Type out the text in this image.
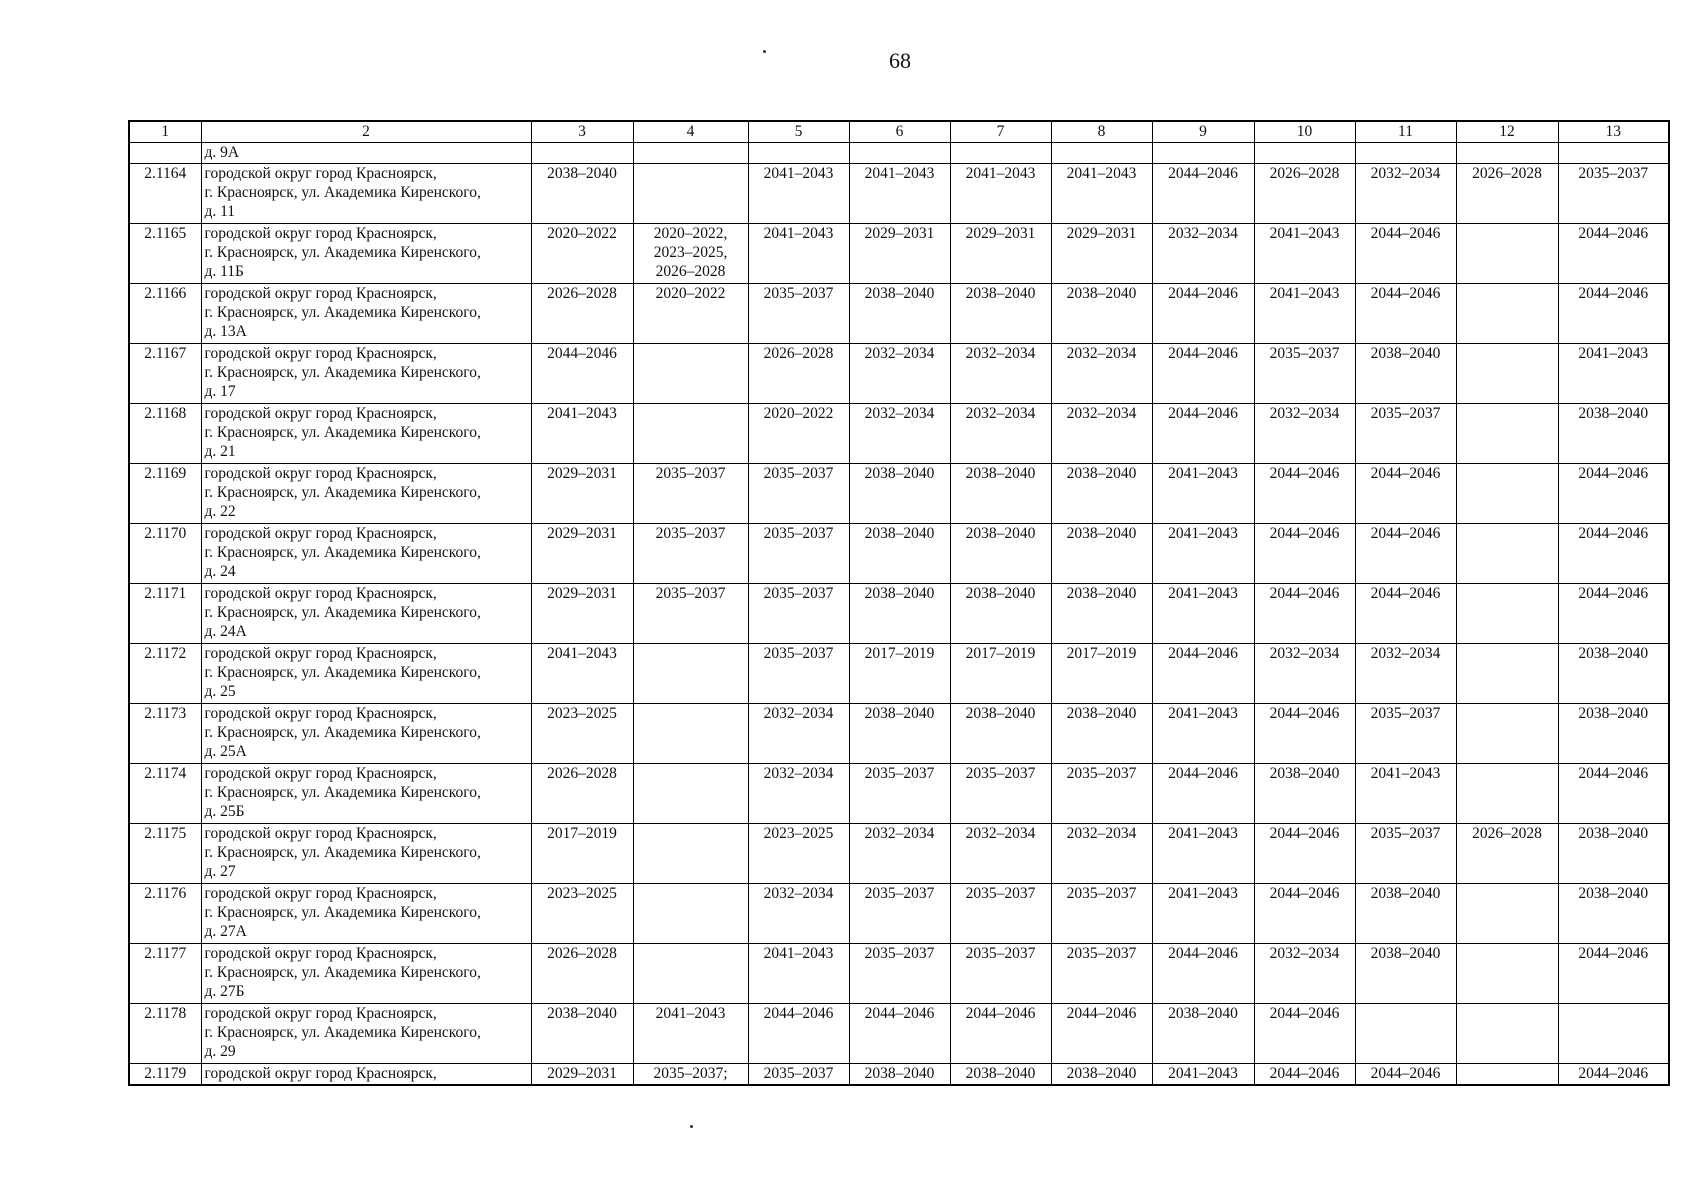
68
1	2	3	4	5	6	7	8	9	10	11	12	13
	д. 9А											
2.1164	городской округ город Красноярск,
г. Красноярск, ул. Академика Киренского,
д. 11	2038–2040		2041–2043	2041–2043	2041–2043	2041–2043	2044–2046	2026–2028	2032–2034	2026–2028	2035–2037
2.1165	городской округ город Красноярск,
г. Красноярск, ул. Академика Киренского,
д. 11Б	2020–2022	2020–2022,
2023–2025,
2026–2028	2041–2043	2029–2031	2029–2031	2029–2031	2032–2034	2041–2043	2044–2046		2044–2046
2.1166	городской округ город Красноярск,
г. Красноярск, ул. Академика Киренского,
д. 13А	2026–2028	2020–2022	2035–2037	2038–2040	2038–2040	2038–2040	2044–2046	2041–2043	2044–2046		2044–2046
2.1167	городской округ город Красноярск,
г. Красноярск, ул. Академика Киренского,
д. 17	2044–2046		2026–2028	2032–2034	2032–2034	2032–2034	2044–2046	2035–2037	2038–2040		2041–2043
2.1168	городской округ город Красноярск,
г. Красноярск, ул. Академика Киренского,
д. 21	2041–2043		2020–2022	2032–2034	2032–2034	2032–2034	2044–2046	2032–2034	2035–2037		2038–2040
2.1169	городской округ город Красноярск,
г. Красноярск, ул. Академика Киренского,
д. 22	2029–2031	2035–2037	2035–2037	2038–2040	2038–2040	2038–2040	2041–2043	2044–2046	2044–2046		2044–2046
2.1170	городской округ город Красноярск,
г. Красноярск, ул. Академика Киренского,
д. 24	2029–2031	2035–2037	2035–2037	2038–2040	2038–2040	2038–2040	2041–2043	2044–2046	2044–2046		2044–2046
2.1171	городской округ город Красноярск,
г. Красноярск, ул. Академика Киренского,
д. 24А	2029–2031	2035–2037	2035–2037	2038–2040	2038–2040	2038–2040	2041–2043	2044–2046	2044–2046		2044–2046
2.1172	городской округ город Красноярск,
г. Красноярск, ул. Академика Киренского,
д. 25	2041–2043		2035–2037	2017–2019	2017–2019	2017–2019	2044–2046	2032–2034	2032–2034		2038–2040
2.1173	городской округ город Красноярск,
г. Красноярск, ул. Академика Киренского,
д. 25А	2023–2025		2032–2034	2038–2040	2038–2040	2038–2040	2041–2043	2044–2046	2035–2037		2038–2040
2.1174	городской округ город Красноярск,
г. Красноярск, ул. Академика Киренского,
д. 25Б	2026–2028		2032–2034	2035–2037	2035–2037	2035–2037	2044–2046	2038–2040	2041–2043		2044–2046
2.1175	городской округ город Красноярск,
г. Красноярск, ул. Академика Киренского,
д. 27	2017–2019		2023–2025	2032–2034	2032–2034	2032–2034	2041–2043	2044–2046	2035–2037	2026–2028	2038–2040
2.1176	городской округ город Красноярск,
г. Красноярск, ул. Академика Киренского,
д. 27А	2023–2025		2032–2034	2035–2037	2035–2037	2035–2037	2041–2043	2044–2046	2038–2040		2038–2040
2.1177	городской округ город Красноярск,
г. Красноярск, ул. Академика Киренского,
д. 27Б	2026–2028		2041–2043	2035–2037	2035–2037	2035–2037	2044–2046	2032–2034	2038–2040		2044–2046
2.1178	городской округ город Красноярск,
г. Красноярск, ул. Академика Киренского,
д. 29	2038–2040	2041–2043	2044–2046	2044–2046	2044–2046	2044–2046	2038–2040	2044–2046			
2.1179	городской округ город Красноярск,	2029–2031	2035–2037;	2035–2037	2038–2040	2038–2040	2038–2040	2041–2043	2044–2046	2044–2046		2044–2046
